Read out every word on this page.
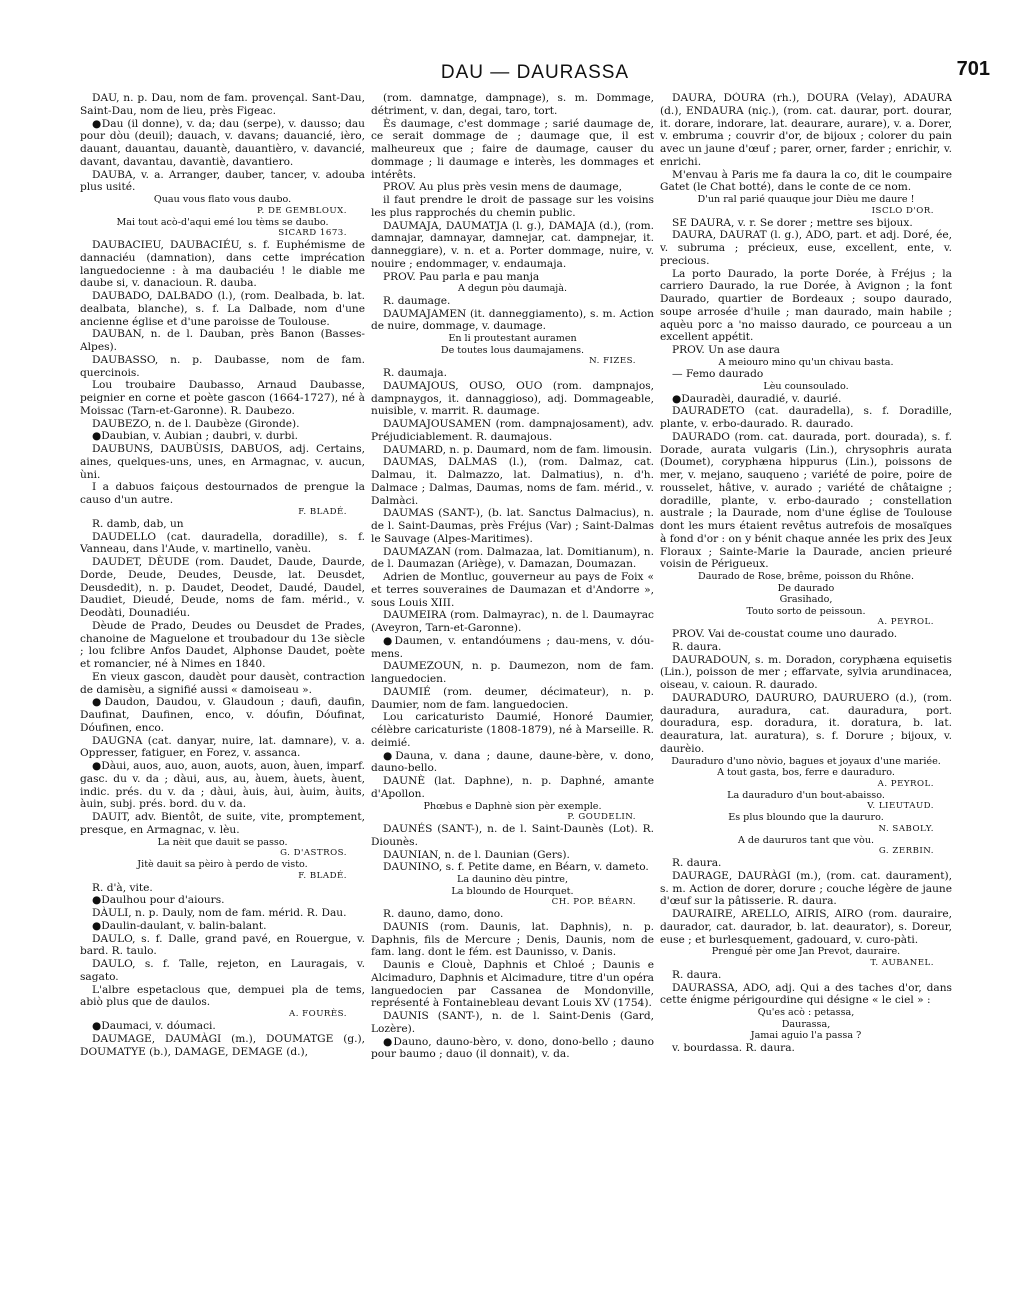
DAU — DAURASSA	701

DAU, n. p. Dau, nom de fam. provençal. Sant-Dau, Saint-Dau, nom de lieu, près Figeac.

●Dau (il donne), v. da; dau (serpe), v. dausso; dau pour dòu (deuil); dauach, v. davans; dauancié, ièro, dauant, dauantau, dauantè, dauantièro, v. davancié, davant, davantau, davantiè, davantiero.

DAUBA, v. a. Arranger, dauber, tancer, v. adouba plus usité.

Quau vous flato vous daubo.

P. DE GEMBLOUX.

Mai tout acò-d'aqui emé lou tèms se daubo.

SICARD 1673.

DAUBACIEU, DAUBACIÉU, s. f. Euphémisme de dannaciéu (damnation), dans cette imprécation languedocienne : à ma daubaciéu ! le diable me daube si, v. danacioun. R. dauba.

DAUBADO, DALBADO (l.), (rom. Dealbada, b. lat. dealbata, blanche), s. f. La Dalbade, nom d'une ancienne église et d'une paroisse de Toulouse.

DAUBAN, n. de l. Dauban, près Banon (Basses-Alpes).

DAUBASSO, n. p. Daubasse, nom de fam. quercinois.

Lou troubaire Daubasso, Arnaud Daubasse, peignier en corne et poète gascon (1664-1727), né à Moissac (Tarn-et-Garonne). R. Daubezo.

DAUBEZO, n. de l. Daubèze (Gironde).

●Daubian, v. Aubian ; daubri, v. durbi.

DAUBUNS, DAUBÙSIS, DABUOS, adj. Certains, aines, quelques-uns, unes, en Armagnac, v. aucun, ùni.

I a dabuos faiçous destournados de prengue la causo d'un autre.

F. BLADÉ.

R. damb, dab, un

DAUDELLO (cat. dauradella, doradille), s. f. Vanneau, dans l'Aude, v. martinello, vanèu.

DAUDET, DÈUDE (rom. Daudet, Daude, Daurde, Dorde, Deude, Deudes, Deusde, lat. Deusdet, Deusdedit), n. p. Daudet, Deodet, Daudé, Daudel, Daudiet, Dieudé, Deude, noms de fam. mérid., v. Deodàti, Dounadiéu.

Dèude de Prado, Deudes ou Deusdet de Prades, chanoine de Maguelone et troubadour du 13e siècle ; lou fclibre Anfos Daudet, Alphonse Daudet, poète et romancier, né à Nimes en 1840.

En vieux gascon, daudèt pour dausèt, contraction de damisèu, a signifié aussi « damoiseau ».

●Daudon, Daudou, v. Glaudoun ; daufi, daufin, Daufinat, Daufinen, enco, v. dóufin, Dóufinat, Dóufinen, enco.

DAUGNA (cat. danyar, nuire, lat. damnare), v. a. Oppresser, fatiguer, en Forez, v. assanca.

●Dàui, auos, auo, auon, auots, auon, àuen, imparf. gasc. du v. da ; dàui, aus, au, àuem, àuets, àuent, indic. prés. du v. da ; dàui, àuis, àui, àuim, àuits, àuin, subj. prés. bord. du v. da.

DAUIT, adv. Bientôt, de suite, vite, promptement, presque, en Armagnac, v. lèu.

La nèit que dauit se passo.

G. D'ASTROS.

Jitè dauit sa pèiro à perdo de visto.

F. BLADÉ.

R. d'à, vite.

●Daulhou pour d'aiours.

DÀULI, n. p. Dauly, nom de fam. mérid. R. Dau.

●Daulin-daulant, v. balin-balant.

DAULO, s. f. Dalle, grand pavé, en Rouergue, v. bard. R. taulo.

DAULO, s. f. Talle, rejeton, en Lauragais, v. sagato.

L'albre espetaclous que, dempuei pla de tems, abiò plus que de daulos.

A. FOURÈS.

●Daumaci, v. dóumaci.

DAUMAGE, DAUMÀGI (m.), DOUMATGE (g.), DOUMATYE (b.), DAMAGE, DEMAGE (d.),

(rom. damnatge, dampnage), s. m. Dommage, détriment, v. dan, degai, taro, tort.

Ès daumage, c'est dommage ; sarié daumage de, ce serait dommage de ; daumage que, il est malheureux que ; faire de daumage, causer du dommage ; li daumage e interès, les dommages et intérêts.

PROV. Au plus près vesin mens de daumage,

il faut prendre le droit de passage sur les voisins les plus rapprochés du chemin public.

DAUMAJA, DAUMATJA (l. g.), DAMAJA (d.), (rom. damnajar, damnayar, damnejar, cat. dampnejar, it. danneggiare), v. n. et a. Porter dommage, nuire, v. nouire ; endommager, v. endaumaja.

PROV. Pau parla e pau manja

A degun pòu daumajà.

R. daumage.

DAUMAJAMEN (it. danneggiamento), s. m. Action de nuire, dommage, v. daumage.

En li proutestant auramen

De toutes lous daumajamens.

N. FIZES.

R. daumaja.

DAUMAJOUS, OUSO, OUO (rom. dampnajos, dampnaygos, it. dannaggioso), adj. Dommageable, nuisible, v. marrit. R. daumage.

DAUMAJOUSAMEN (rom. dampnajosament), adv. Préjudiciablement. R. daumajous.

DAUMARD, n. p. Daumard, nom de fam. limousin.

DAUMAS, DALMAS (l.), (rom. Dalmaz, cat. Dalmau, it. Dalmazzo, lat. Dalmatius), n. d'h. Dalmace ; Dalmas, Daumas, noms de fam. mérid., v. Dalmàci.

DAUMAS (SANT-), (b. lat. Sanctus Dalmacius), n. de l. Saint-Daumas, près Fréjus (Var) ; Saint-Dalmas le Sauvage (Alpes-Maritimes).

DAUMAZAN (rom. Dalmazaa, lat. Domitianum), n. de l. Daumazan (Ariège), v. Damazan, Doumazan.

Adrien de Montluc, gouverneur au pays de Foix « et terres souveraines de Daumazan et d'Andorre », sous Louis XIII.

DAUMEIRA (rom. Dalmayrac), n. de l. Daumayrac (Aveyron, Tarn-et-Garonne).

●Daumen, v. entandóumens ; dau-mens, v. dóu-mens.

DAUMEZOUN, n. p. Daumezon, nom de fam. languedocien.

DAUMIÉ (rom. deumer, décimateur), n. p. Daumier, nom de fam. languedocien.

Lou caricaturisto Daumié, Honoré Daumier, célèbre caricaturiste (1808-1879), né à Marseille. R. deimié.

●Dauna, v. dana ; daune, daune-bère, v. dono, dauno-bello.

DAUNÈ (lat. Daphne), n. p. Daphné, amante d'Apollon.

Phœbus e Daphnè sion pèr exemple.

P. GOUDELIN.

DAUNÉS (SANT-), n. de l. Saint-Daunès (Lot). R. Diounès.

DAUNIAN, n. de l. Daunian (Gers).

DAUNINO, s. f. Petite dame, en Béarn, v. dameto.

La daunino dèu pintre,

La bloundo de Hourquet.

CH. POP. BÉARN.

R. dauno, damo, dono.

DAUNIS (rom. Daunis, lat. Daphnis), n. p. Daphnis, fils de Mercure ; Denis, Daunis, nom de fam. lang. dont le fém. est Daunisso, v. Danis.

Daunis e Clouè, Daphnis et Chloé ; Daunis e Alcimaduro, Daphnis et Alcimadure, titre d'un opéra languedocien par Cassanea de Mondonville, représenté à Fontainebleau devant Louis XV (1754).

DAUNIS (SANT-), n. de l. Saint-Denis (Gard, Lozère).

●Dauno, dauno-bèro, v. dono, dono-bello ; dauno pour baumo ; dauo (il donnait), v. da.

DAURA, DÓURA (rh.), DOURA (Velay), ADAURA (d.), ENDAURA (niç.), (rom. cat. daurar, port. dourar, it. dorare, indorare, lat. deaurare, aurare), v. a. Dorer, v. embruma ; couvrir d'or, de bijoux ; colorer du pain avec un jaune d'œuf ; parer, orner, farder ; enrichir, v. enrichi.

M'envau à Paris me fa daura la co, dit le coumpaire Gatet (le Chat botté), dans le conte de ce nom.

D'un ral parié quauque jour Dièu me daure !

ISCLO D'OR.

SE DAURA, v. r. Se dorer ; mettre ses bijoux.

DAURA, DAURAT (l. g.), ADO, part. et adj. Doré, ée, v. subruma ; précieux, euse, excellent, ente, v. precious.

La porto Daurado, la porte Dorée, à Fréjus ; la carriero Daurado, la rue Dorée, à Avignon ; la font Daurado, quartier de Bordeaux ; soupo daurado, soupe arrosée d'huile ; man daurado, main habile ; aquèu porc a 'no maisso daurado, ce pourceau a un excellent appétit.

PROV. Un ase daura

A meiouro mino qu'un chivau basta.

— Femo daurado

Lèu counsoulado.

●Dauradèi, dauradié, v. daurié.

DAURADETO (cat. dauradella), s. f. Doradille, plante, v. erbo-daurado. R. daurado.

DAURADO (rom. cat. daurada, port. dourada), s. f. Dorade, aurata vulgaris (Lin.), chrysophris aurata (Doumet), coryphæna hippurus (Lin.), poissons de mer, v. mejano, sauqueno ; variété de poire, poire de rousselet, hâtive, v. aurado ; variété de châtaigne ; doradille, plante, v. erbo-daurado ; constellation australe ; la Daurade, nom d'une église de Toulouse dont les murs étaient revêtus autrefois de mosaïques à fond d'or : on y bénit chaque année les prix des Jeux Floraux ; Sainte-Marie la Daurade, ancien prieuré voisin de Périgueux.

Daurado de Rose, brême, poisson du Rhône.

De daurado

Grasihado,

Touto sorto de peissoun.

A. PEYROL.

PROV. Vai de-coustat coume uno daurado.

R. daura.

DAURADOUN, s. m. Doradon, coryphæna equisetis (Lin.), poisson de mer ; effarvate, sylvia arundinacea, oiseau, v. caioun. R. daurado.

DAURADURO, DAURURO, DAURUERO (d.), (rom. dauradura, auradura, cat. dauradura, port. douradura, esp. doradura, it. doratura, b. lat. deauratura, lat. auratura), s. f. Dorure ; bijoux, v. daurèio.

Dauraduro d'uno nòvio, bagues et joyaux d'une mariée.

A tout gasta, bos, ferre e dauraduro.

A. PEYROL.

La dauraduro d'un bout-abaisso.

V. LIEUTAUD.

Es plus bloundo que la daururo.

N. SABOLY.

A de daururos tant que vòu.

G. ZERBIN.

R. daura.

DAURAGE, DAURÀGI (m.), (rom. cat. daurament), s. m. Action de dorer, dorure ; couche légère de jaune d'œuf sur la pâtisserie. R. daura.

DAURAIRE, ARELLO, AIRIS, AIRO (rom. dauraire, daurador, cat. daurador, b. lat. deaurator), s. Doreur, euse ; et burlesquement, gadouard, v. curo-pàti.

Prengué pèr ome Jan Prevot, dauraire.

T. AUBANEL.

R. daura.

DAURASSA, ADO, adj. Qui a des taches d'or, dans cette énigme périgourdine qui désigne « le ciel » :

Qu'es acò : petassa,

Daurassa,

Jamai aguio l'a passa ?

v. bourdassa. R. daura.
